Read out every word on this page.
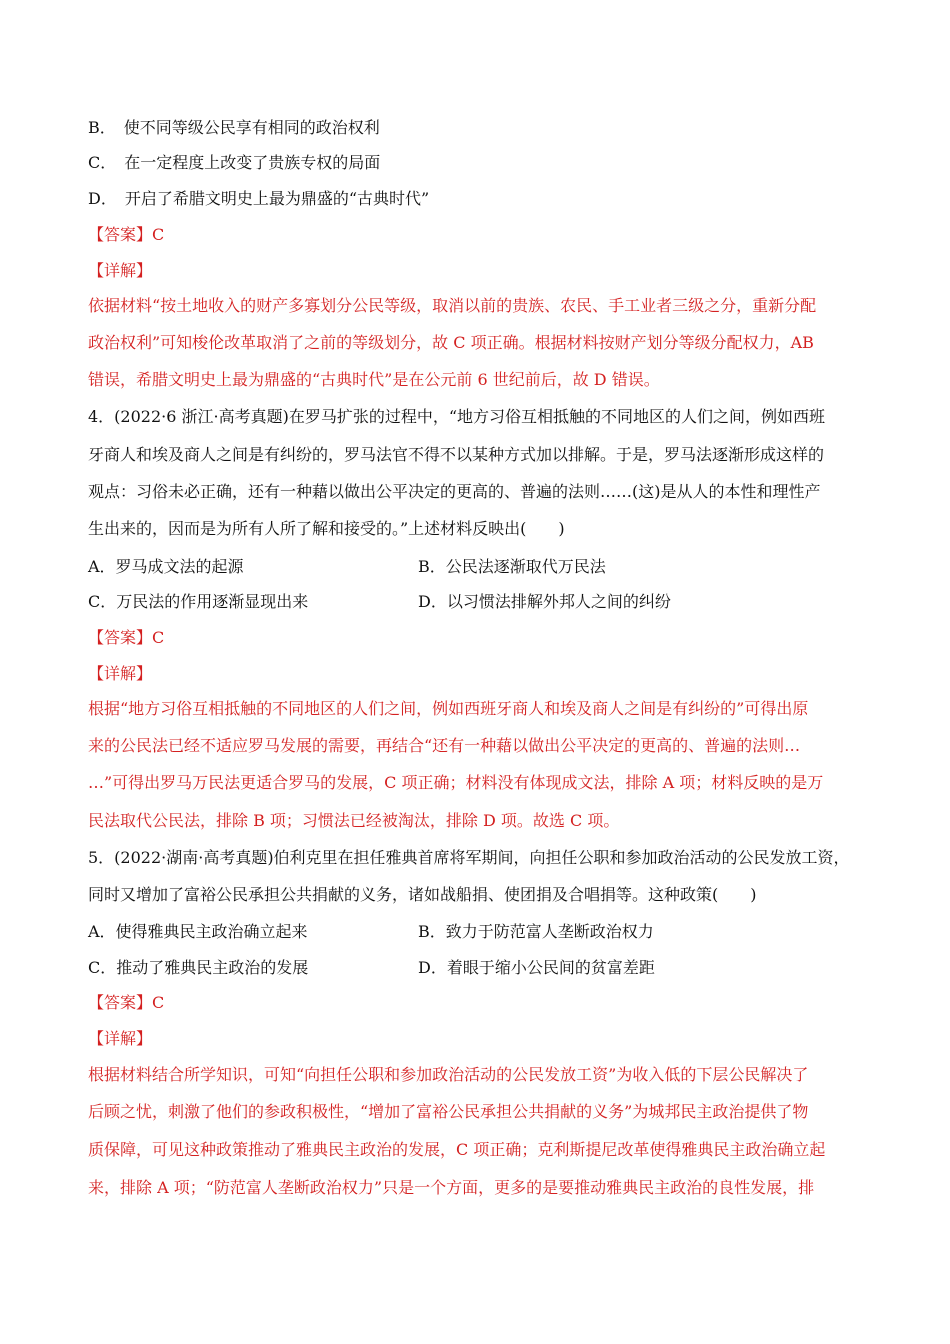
B．　使不同等级公民享有相同的政治权利
C．　在一定程度上改变了贵族专权的局面
D．　开启了希腊文明史上最为鼎盛的“古典时代”
【答案】C
【详解】
依据材料“按土地收入的财产多寡划分公民等级，取消以前的贵族、农民、手工业者三级之分，重新分配
政治权利”可知梭伦改革取消了之前的等级划分，故 C 项正确。根据材料按财产划分等级分配权力，AB
错误，希腊文明史上最为鼎盛的“古典时代”是在公元前 6 世纪前后，故 D 错误。
4．(2022·6 浙江·高考真题)在罗马扩张的过程中，“地方习俗互相抵触的不同地区的人们之间，例如西班
牙商人和埃及商人之间是有纠纷的，罗马法官不得不以某种方式加以排解。于是，罗马法逐渐形成这样的
观点：习俗未必正确，还有一种藉以做出公平决定的更高的、普遍的法则……(这)是从人的本性和理性产
生出来的，因而是为所有人所了解和接受的。”上述材料反映出(　　)
A．罗马成文法的起源	B．公民法逐渐取代万民法
C．万民法的作用逐渐显现出来	D．以习惯法排解外邦人之间的纠纷
【答案】C
【详解】
根据“地方习俗互相抵触的不同地区的人们之间，例如西班牙商人和埃及商人之间是有纠纷的”可得出原
来的公民法已经不适应罗马发展的需要，再结合“还有一种藉以做出公平决定的更高的、普遍的法则…
…”可得出罗马万民法更适合罗马的发展，C 项正确；材料没有体现成文法，排除 A 项；材料反映的是万
民法取代公民法，排除 B 项；习惯法已经被淘汰，排除 D 项。故选 C 项。
5．(2022·湖南·高考真题)伯利克里在担任雅典首席将军期间，向担任公职和参加政治活动的公民发放工资，
同时又增加了富裕公民承担公共捐献的义务，诸如战船捐、使团捐及合唱捐等。这种政策(　　)
A．使得雅典民主政治确立起来	B．致力于防范富人垄断政治权力
C．推动了雅典民主政治的发展	D．着眼于缩小公民间的贫富差距
【答案】C
【详解】
根据材料结合所学知识，可知“向担任公职和参加政治活动的公民发放工资”为收入低的下层公民解决了
后顾之忧，刺激了他们的参政积极性，“增加了富裕公民承担公共捐献的义务”为城邦民主政治提供了物
质保障，可见这种政策推动了雅典民主政治的发展，C 项正确；克利斯提尼改革使得雅典民主政治确立起
来，排除 A 项；“防范富人垄断政治权力”只是一个方面，更多的是要推动雅典民主政治的良性发展，排
